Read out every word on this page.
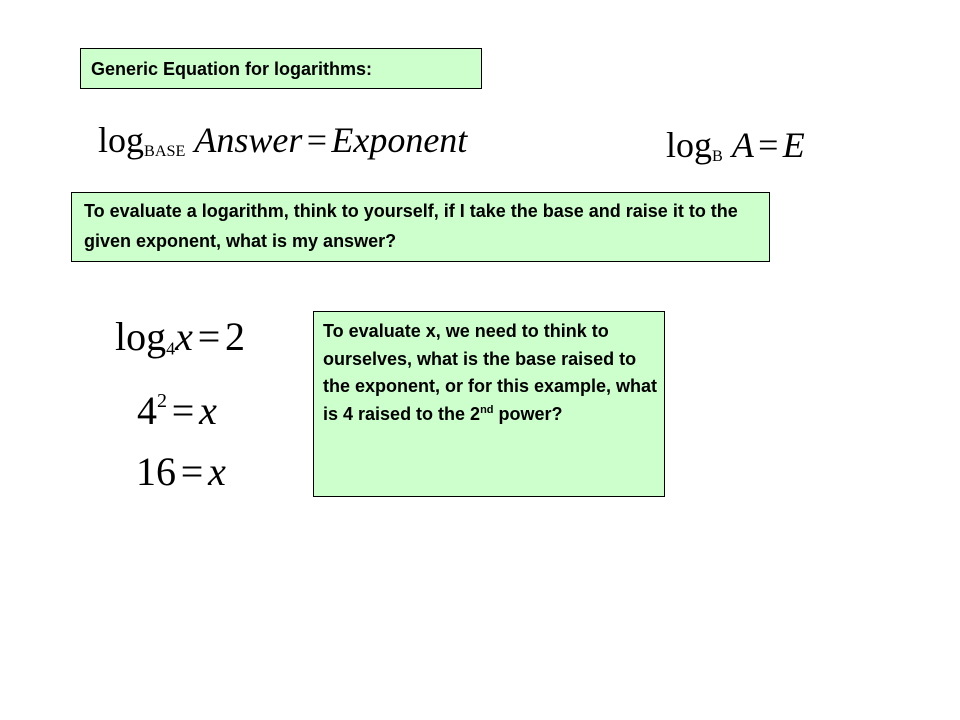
Generic Equation for logarithms:
$\log_{BASE}$ Answer = Exponent	$\log_B A = E$
To evaluate a logarithm, think to yourself, if I take the base and raise it to the given exponent, what is my answer?
$\log_4x = 2$
$4^2 = x$
16 = x
To evaluate x, we need to think to ourselves, what is the base raised to the exponent, or for this example, what is 4 raised to the 2nd power?
